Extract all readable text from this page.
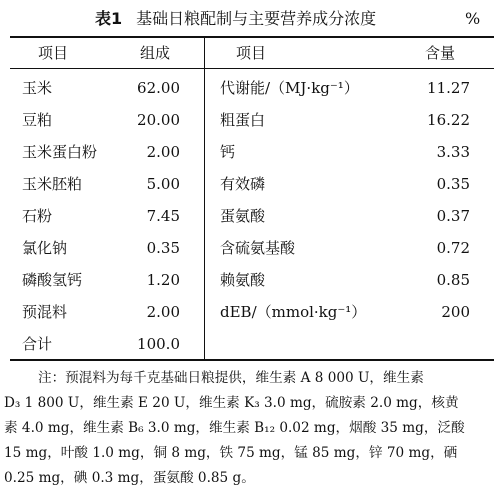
表1 基础日粮配制与主要营养成分浓度	%
项目	组成	项目	含量
玉米	62.00	代谢能/（MJ·kg⁻¹）	11.27
豆粕	20.00	粗蛋白	16.22
玉米蛋白粉	2.00	钙	3.33
玉米胚粕	5.00	有效磷	0.35
石粉	7.45	蛋氨酸	0.37
氯化钠	0.35	含硫氨基酸	0.72
磷酸氢钙	1.20	赖氨酸	0.85
预混料	2.00	dEB/（mmol·kg⁻¹）	200
合计	100.0
注：预混料为每千克基础日粮提供，维生素 A 8 000 U，维生素
D₃ 1 800 U，维生素 E 20 U，维生素 K₃ 3.0 mg，硫胺素 2.0 mg，核黄
素 4.0 mg，维生素 B₆ 3.0 mg，维生素 B₁₂ 0.02 mg，烟酸 35 mg，泛酸
15 mg，叶酸 1.0 mg，铜 8 mg，铁 75 mg，锰 85 mg，锌 70 mg，硒
0.25 mg，碘 0.3 mg，蛋氨酸 0.85 g。
